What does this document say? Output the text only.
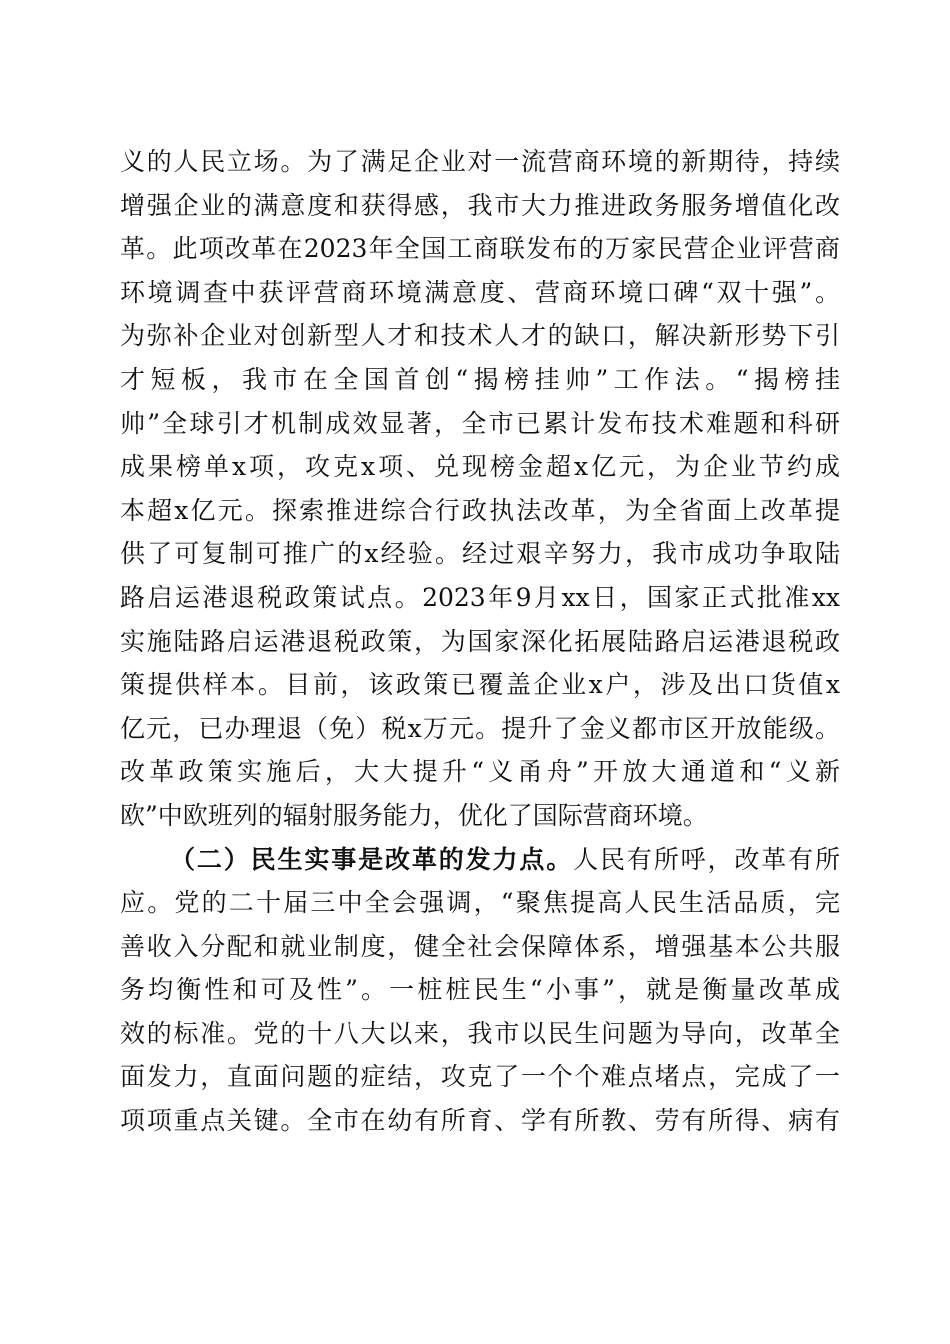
义的人民立场。为了满足企业对一流营商环境的新期待，持续
增强企业的满意度和获得感，我市大力推进政务服务增值化改
革。此项改革在2023年全国工商联发布的万家民营企业评营商
环境调查中获评营商环境满意度、营商环境口碑“双十强”。
为弥补企业对创新型人才和技术人才的缺口，解决新形势下引
才短板，我市在全国首创“揭榜挂帅”工作法。“揭榜挂
帅”全球引才机制成效显著，全市已累计发布技术难题和科研
成果榜单x项，攻克x项、兑现榜金超x亿元，为企业节约成
本超x亿元。探索推进综合行政执法改革，为全省面上改革提
供了可复制可推广的x经验。经过艰辛努力，我市成功争取陆
路启运港退税政策试点。2023年9月xx日，国家正式批准xx
实施陆路启运港退税政策，为国家深化拓展陆路启运港退税政
策提供样本。目前，该政策已覆盖企业x户，涉及出口货值x
亿元，已办理退（免）税x万元。提升了金义都市区开放能级。
改革政策实施后，大大提升“义甬舟”开放大通道和“义新
欧”中欧班列的辐射服务能力，优化了国际营商环境。
（二）民生实事是改革的发力点。人民有所呼，改革有所
应。党的二十届三中全会强调，“聚焦提高人民生活品质，完
善收入分配和就业制度，健全社会保障体系，增强基本公共服
务均衡性和可及性”。一桩桩民生“小事”，就是衡量改革成
效的标准。党的十八大以来，我市以民生问题为导向，改革全
面发力，直面问题的症结，攻克了一个个难点堵点，完成了一
项项重点关键。全市在幼有所育、学有所教、劳有所得、病有
